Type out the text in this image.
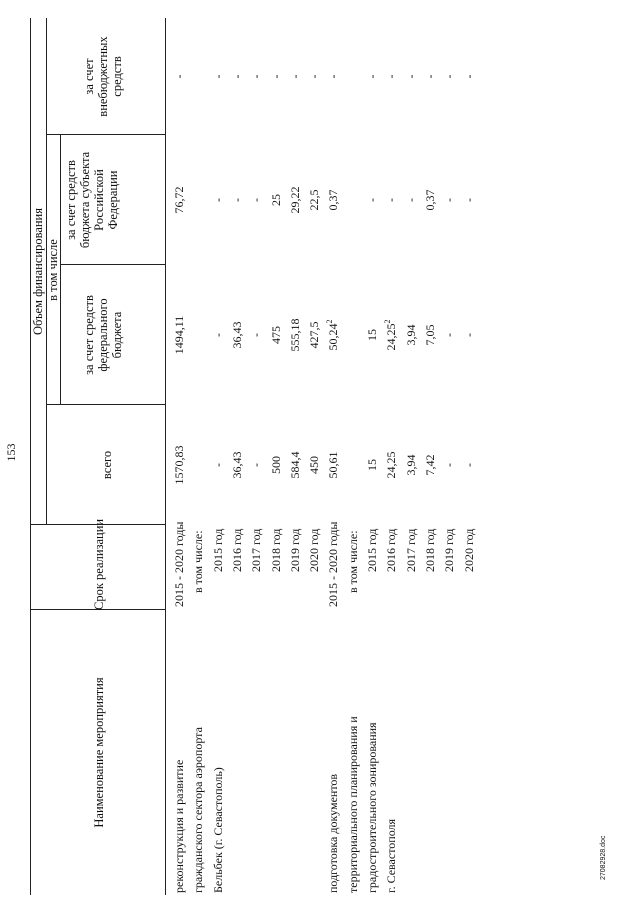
153
Наименование мероприятия
Срок реализации
Объем финансирования
всего
в том числе
за счет средств федерального бюджета
за счет средств бюджета субъекта Российской Федерации
за счет внебюджетных средств
реконструкция и развитие
2015 - 2020 годы
1570,83
1494,11
76,72
-
гражданского сектора аэропорта
в том числе:
Бельбек (г. Севастополь)
2015 год
-
-
-
-
2016 год
36,43
36,43
-
-
2017 год
-
-
-
-
2018 год
500
475
25
-
2019 год
584,4
555,18
29,22
-
2020 год
450
427,5
22,5
-
подготовка документов
2015 - 2020 годы
50,61
50,24$^2$
0,37
-
территориального планирования и
в том числе:
градостроительного зонирования
2015 год
15
15
-
-
г. Севастополя
2016 год
24,25
24,25$^2$
-
-
2017 год
3,94
3,94
-
-
2018 год
7,42
7,05
0,37
-
2019 год
-
-
-
-
2020 год
-
-
-
-
27082928.doc
